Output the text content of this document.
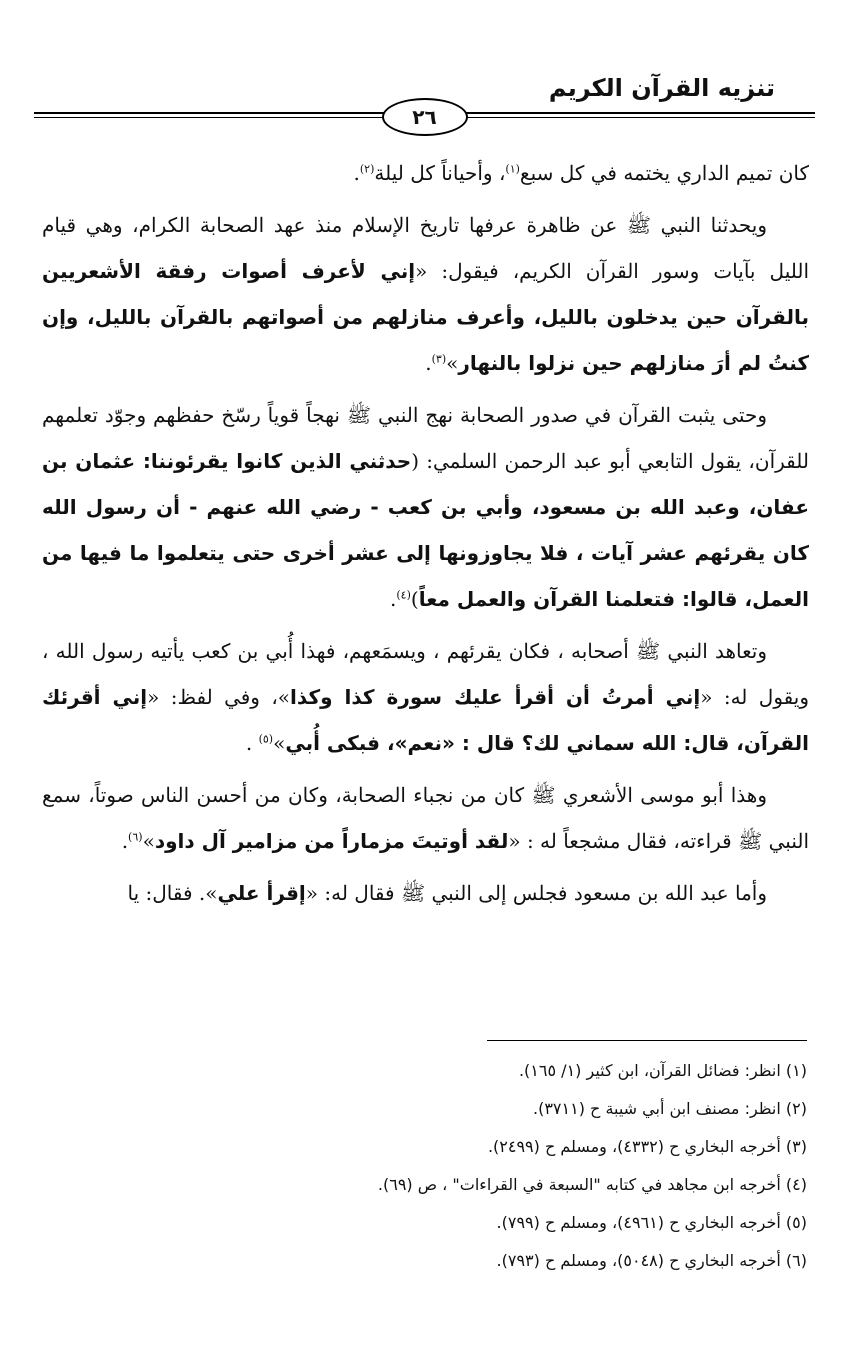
تنزيه القرآن الكريم
٢٦

كان تميم الداري يختمه في كل سبع$^{(١)}$، وأحياناً كل ليلة$^{(٢)}$.

ويحدثنا النبي ﷺ عن ظاهرة عرفها تاريخ الإسلام منذ عهد الصحابة الكرام، وهي قيام الليل بآيات وسور القرآن الكريم، فيقول: «إني لأعرف أصوات رفقة الأشعريين بالقرآن حين يدخلون بالليل، وأعرف منازلهم من أصواتهم بالقرآن بالليل، وإن كنتُ لم أرَ منازلهم حين نزلوا بالنهار»$^{(٣)}$.

وحتى يثبت القرآن في صدور الصحابة نهج النبي ﷺ نهجاً قوياً رسّخ حفظهم وجوّد تعلمهم للقرآن، يقول التابعي أبو عبد الرحمن السلمي: (حدثني الذين كانوا يقرئوننا: عثمان بن عفان، وعبد الله بن مسعود، وأبي بن كعب - رضي الله عنهم - أن رسول الله كان يقرئهم عشر آيات ، فلا يجاوزونها إلى عشر أخرى حتى يتعلموا ما فيها من العمل، قالوا: فتعلمنا القرآن والعمل معاً)$^{(٤)}$.

وتعاهد النبي ﷺ أصحابه ، فكان يقرئهم ، ويسمَعهم، فهذا أُبي بن كعب يأتيه رسول الله ، ويقول له: «إني أمرتُ أن أقرأ عليك سورة كذا وكذا»، وفي لفظ: «إني أقرئك القرآن، قال: الله سماني لك؟ قال : «نعم»، فبكى أُبي»$^{(٥)}$ .

وهذا أبو موسى الأشعري ﷺ كان من نجباء الصحابة، وكان من أحسن الناس صوتاً، سمع النبي ﷺ قراءته، فقال مشجعاً له : «لقد أوتيتَ مزماراً من مزامير آل داود»$^{(٦)}$.

وأما عبد الله بن مسعود فجلس إلى النبي ﷺ فقال له: «إقرأ علي». فقال: يا

(١) انظر: فضائل القرآن، ابن كثير (١/ ١٦٥).
(٢) انظر: مصنف ابن أبي شيبة ح (٣٧١١).
(٣) أخرجه البخاري ح (٤٣٣٢)، ومسلم ح (٢٤٩٩).
(٤) أخرجه ابن مجاهد في كتابه "السبعة في القراءات" ، ص (٦٩).
(٥) أخرجه البخاري ح (٤٩٦١)، ومسلم ح (٧٩٩).
(٦) أخرجه البخاري ح (٥٠٤٨)، ومسلم ح (٧٩٣).
